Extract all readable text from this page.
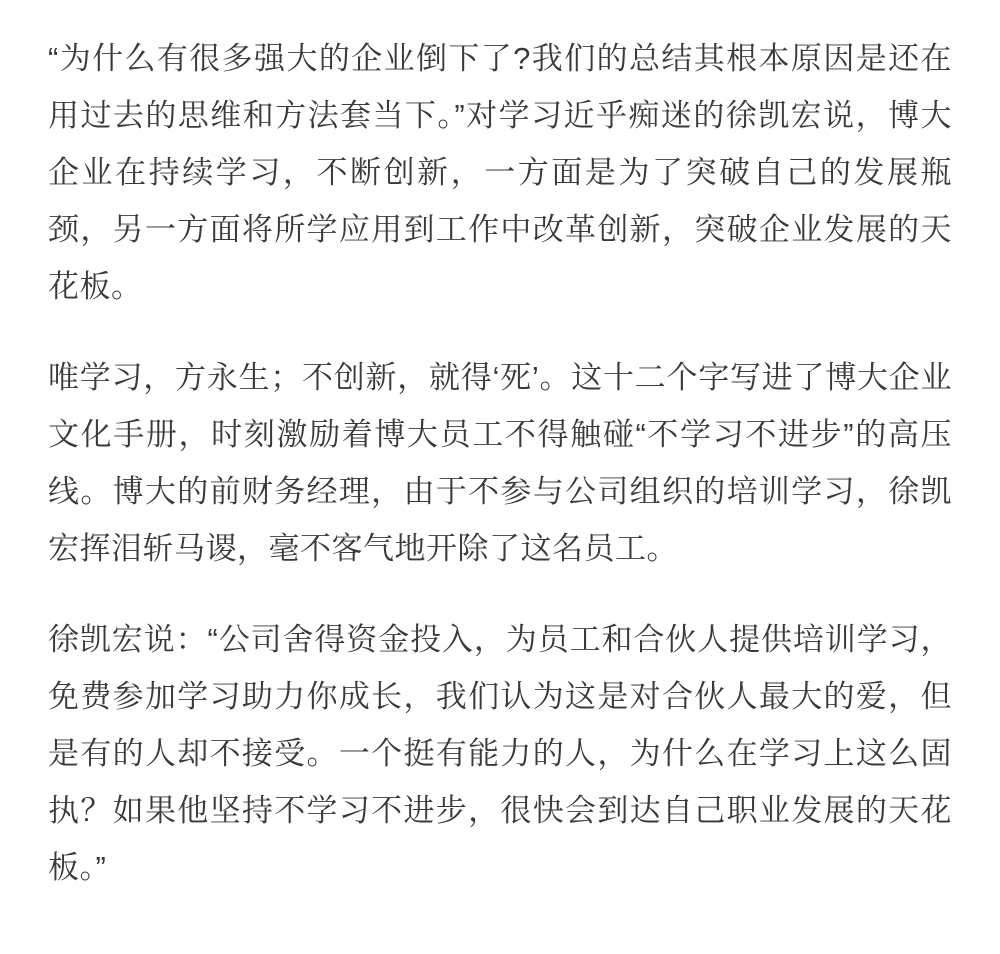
“为什么有很多强大的企业倒下了?我们的总结其根本原因是还在用过去的思维和方法套当下。”对学习近乎痴迷的徐凯宏说，博大企业在持续学习，不断创新，一方面是为了突破自己的发展瓶颈，另一方面将所学应用到工作中改革创新，突破企业发展的天花板。

唯学习，方永生；不创新，就得‘死’。这十二个字写进了博大企业文化手册，时刻激励着博大员工不得触碰“不学习不进步”的高压线。博大的前财务经理，由于不参与公司组织的培训学习，徐凯宏挥泪斩马谡，毫不客气地开除了这名员工。

徐凯宏说：“公司舍得资金投入，为员工和合伙人提供培训学习，免费参加学习助力你成长，我们认为这是对合伙人最大的爱，但是有的人却不接受。一个挺有能力的人，为什么在学习上这么固执？如果他坚持不学习不进步，很快会到达自己职业发展的天花板。”
